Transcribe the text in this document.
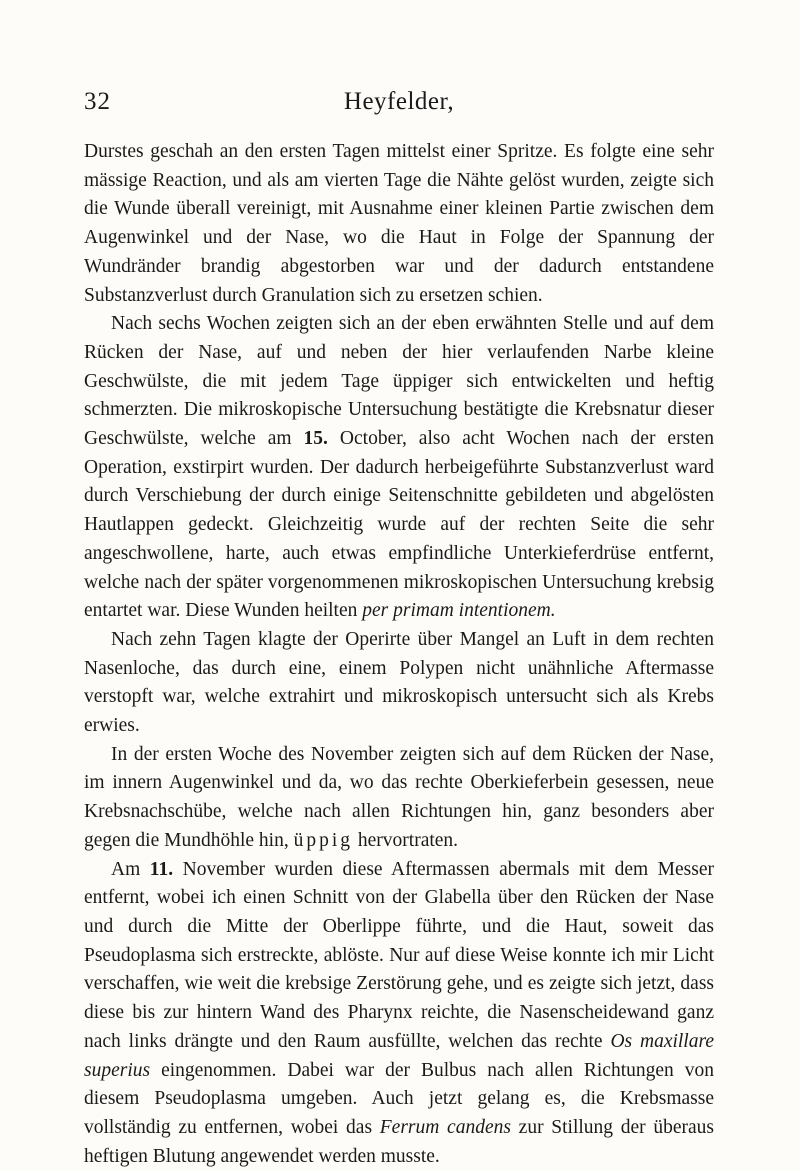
32	Heyfelder,

Durstes geschah an den ersten Tagen mittelst einer Spritze. Es folgte eine sehr mässige Reaction, und als am vierten Tage die Nähte gelöst wurden, zeigte sich die Wunde überall vereinigt, mit Ausnahme einer kleinen Partie zwischen dem Augenwinkel und der Nase, wo die Haut in Folge der Spannung der Wundränder brandig abgestorben war und der dadurch entstandene Substanzverlust durch Granulation sich zu ersetzen schien.

Nach sechs Wochen zeigten sich an der eben erwähnten Stelle und auf dem Rücken der Nase, auf und neben der hier verlaufenden Narbe kleine Geschwülste, die mit jedem Tage üppiger sich entwickelten und heftig schmerzten. Die mikroskopische Untersuchung bestätigte die Krebsnatur dieser Geschwülste, welche am 15. October, also acht Wochen nach der ersten Operation, exstirpirt wurden. Der dadurch herbeigeführte Substanzverlust ward durch Verschiebung der durch einige Seitenschnitte gebildeten und abgelösten Hautlappen gedeckt. Gleichzeitig wurde auf der rechten Seite die sehr angeschwollene, harte, auch etwas empfindliche Unterkieferdrüse entfernt, welche nach der später vorgenommenen mikroskopischen Untersuchung krebsig entartet war. Diese Wunden heilten per primam intentionem.

Nach zehn Tagen klagte der Operirte über Mangel an Luft in dem rechten Nasenloche, das durch eine, einem Polypen nicht unähnliche Aftermasse verstopft war, welche extrahirt und mikroskopisch untersucht sich als Krebs erwies.

In der ersten Woche des November zeigten sich auf dem Rücken der Nase, im innern Augenwinkel und da, wo das rechte Oberkieferbein gesessen, neue Krebsnachschübe, welche nach allen Richtungen hin, ganz besonders aber gegen die Mundhöhle hin, üppig hervortraten.

Am 11. November wurden diese Aftermassen abermals mit dem Messer entfernt, wobei ich einen Schnitt von der Glabella über den Rücken der Nase und durch die Mitte der Oberlippe führte, und die Haut, soweit das Pseudoplasma sich erstreckte, ablöste. Nur auf diese Weise konnte ich mir Licht verschaffen, wie weit die krebsige Zerstörung gehe, und es zeigte sich jetzt, dass diese bis zur hintern Wand des Pharynx reichte, die Nasenscheidewand ganz nach links drängte und den Raum ausfüllte, welchen das rechte Os maxillare superius eingenommen. Dabei war der Bulbus nach allen Richtungen von diesem Pseudoplasma umgeben. Auch jetzt gelang es, die Krebsmasse vollständig zu entfernen, wobei das Ferrum candens zur Stillung der überaus heftigen Blutung angewendet werden musste.
